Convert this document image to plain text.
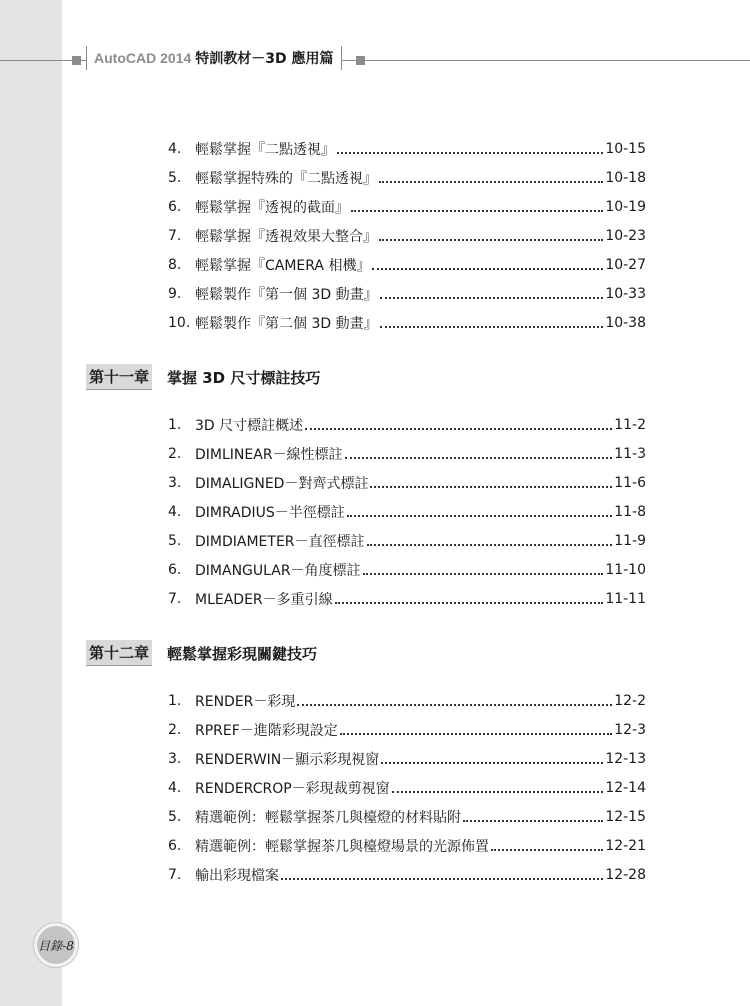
AutoCAD 2014 特訓教材－3D 應用篇
4. 輕鬆掌握『二點透視』	10-15
5. 輕鬆掌握特殊的『二點透視』	10-18
6. 輕鬆掌握『透視的截面』	10-19
7. 輕鬆掌握『透視效果大整合』	10-23
8. 輕鬆掌握『CAMERA 相機』	10-27
9. 輕鬆製作『第一個 3D 動畫』	10-33
10. 輕鬆製作『第二個 3D 動畫』	10-38
第十一章 掌握 3D 尺寸標註技巧
1. 3D 尺寸標註概述	11-2
2. DIMLINEAR－線性標註	11-3
3. DIMALIGNED－對齊式標註	11-6
4. DIMRADIUS－半徑標註	11-8
5. DIMDIAMETER－直徑標註	11-9
6. DIMANGULAR－角度標註	11-10
7. MLEADER－多重引線	11-11
第十二章 輕鬆掌握彩現關鍵技巧
1. RENDER－彩現	12-2
2. RPREF－進階彩現設定	12-3
3. RENDERWIN－顯示彩現視窗	12-13
4. RENDERCROP－彩現裁剪視窗	12-14
5. 精選範例：輕鬆掌握茶几與檯燈的材料貼附	12-15
6. 精選範例：輕鬆掌握茶几與檯燈場景的光源佈置	12-21
7. 輸出彩現檔案	12-28
目錄-8
